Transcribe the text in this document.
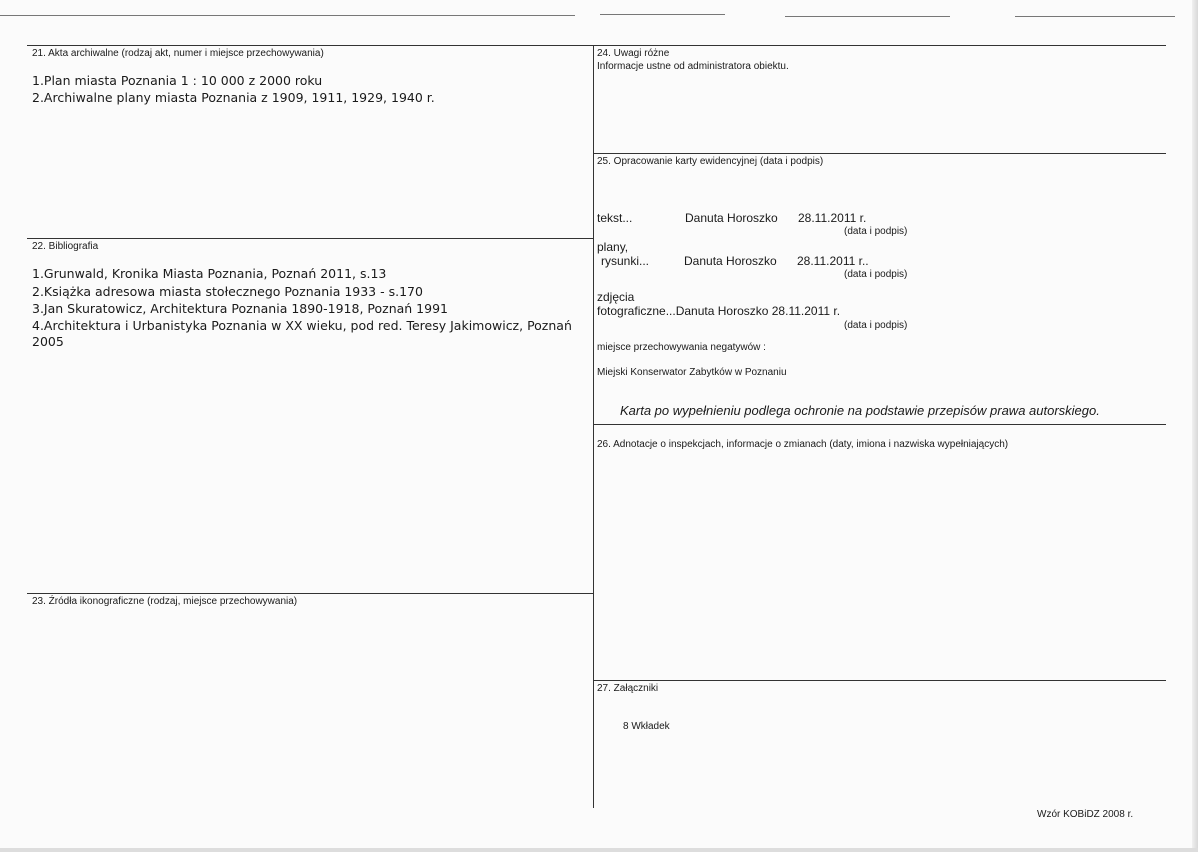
21. Akta archiwalne (rodzaj akt, numer i miejsce przechowywania)
1.Plan miasta Poznania 1 : 10 000 z 2000 roku
2.Archiwalne plany miasta Poznania z 1909, 1911, 1929, 1940 r.
22. Bibliografia
1.Grunwald, Kronika Miasta Poznania, Poznań 2011, s.13
2.Książka adresowa miasta stołecznego Poznania 1933 - s.170
3.Jan Skuratowicz, Architektura Poznania 1890-1918, Poznań 1991
4.Architektura i Urbanistyka Poznania w XX wieku, pod red. Teresy Jakimowicz, Poznań
2005
23. Źródła ikonograficzne (rodzaj, miejsce przechowywania)
24. Uwagi różne
Informacje ustne od administratora obiektu.
25. Opracowanie karty ewidencyjnej (data i podpis)
tekst...	Danuta Horoszko 28.11.2011 r.
(data i podpis)
plany,
rysunki...	Danuta Horoszko 28.11.2011 r..
(data i podpis)
zdjęcia
fotograficzne...Danuta Horoszko 28.11.2011 r.
(data i podpis)
miejsce przechowywania negatywów :
Miejski Konserwator Zabytków w Poznaniu
Karta po wypełnieniu podlega ochronie na podstawie przepisów prawa autorskiego.
26. Adnotacje o inspekcjach, informacje o zmianach (daty, imiona i nazwiska wypełniających)
27. Załączniki
8 Wkładek
Wzór KOBiDZ 2008 r.
